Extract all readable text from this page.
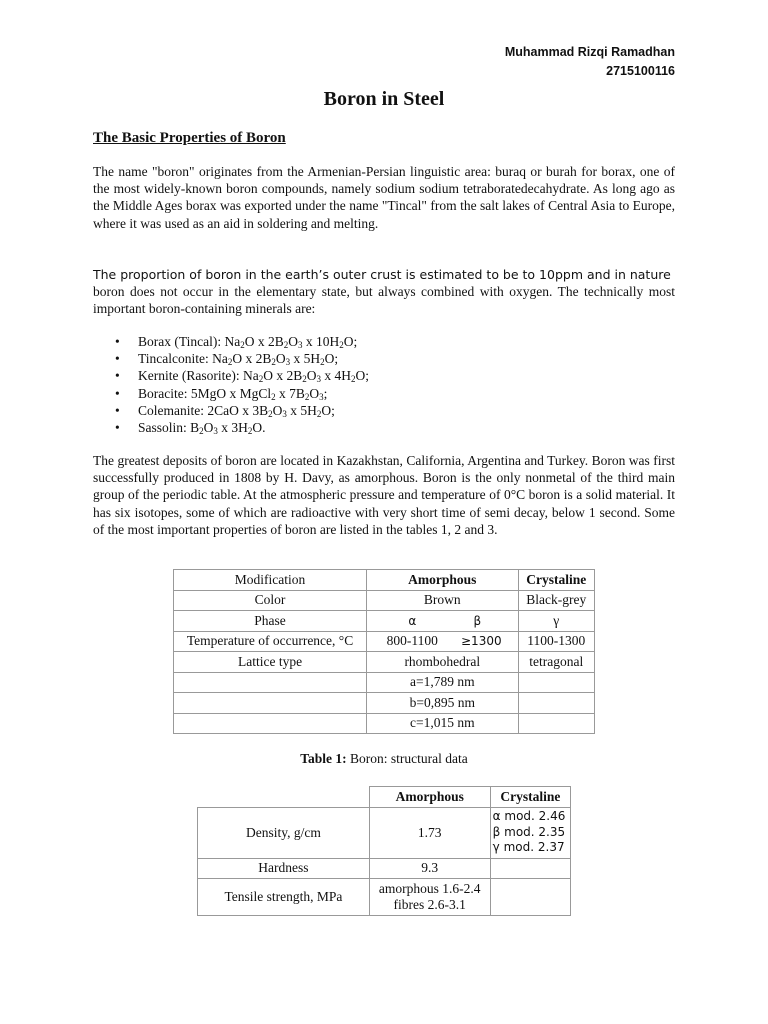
Muhammad Rizqi Ramadhan
2715100116
Boron in Steel
The Basic Properties of Boron
The name "boron" originates from the Armenian-Persian linguistic area: buraq or burah for borax, one of the most widely-known boron compounds, namely sodium sodium tetraboratedecahydrate. As long ago as the Middle Ages borax was exported under the name "Tincal" from the salt lakes of Central Asia to Europe, where it was used as an aid in soldering and melting.
The proportion of boron in the earth’s outer crust is estimated to be to 10ppm and in nature
boron does not occur in the elementary state, but always combined with oxygen. The technically most important boron-containing minerals are:
• Borax (Tincal): $Na_2O$ x $2B_2O_3$ x $10H_2O$;
• Tincalconite: $Na_2O$ x $2B_2O_3$ x $5H_2O$;
• Kernite (Rasorite): $Na_2O$ x $2B_2O_3$ x $4H_2O$;
• Boracite: 5MgO x MgCl$_2$ x $7B_2O_3$;
• Colemanite: 2CaO x $3B_2O_3$ x $5H_2O$;
• Sassolin: $B_2O_3$ x $3H_2O$.
The greatest deposits of boron are located in Kazakhstan, California, Argentina and Turkey. Boron was first successfully produced in 1808 by H. Davy, as amorphous. Boron is the only nonmetal of the third main group of the periodic table. At the atmospheric pressure and temperature of 0°C boron is a solid material. It has six isotopes, some of which are radioactive with very short time of semi decay, below 1 second. Some of the most important properties of boron are listed in the tables 1, 2 and 3.
Modification	Amorphous	Crystaline
Color	Brown	Black-grey
Phase	α β	γ
Temperature of occurrence, °C	800-1100 ≥1300	1100-1300
Lattice type	rhombohedral	tetragonal
	a=1,789 nm	
	b=0,895 nm	
	c=1,015 nm	
Table 1: Boron: structural data
	Amorphous	Crystaline
Density, g/cm	1.73	α mod. 2.46
β mod. 2.35
γ mod. 2.37

Hardness	9.3	
Tensile strength, MPa	amorphous 1.6-2.4
fibres 2.6-3.1	
